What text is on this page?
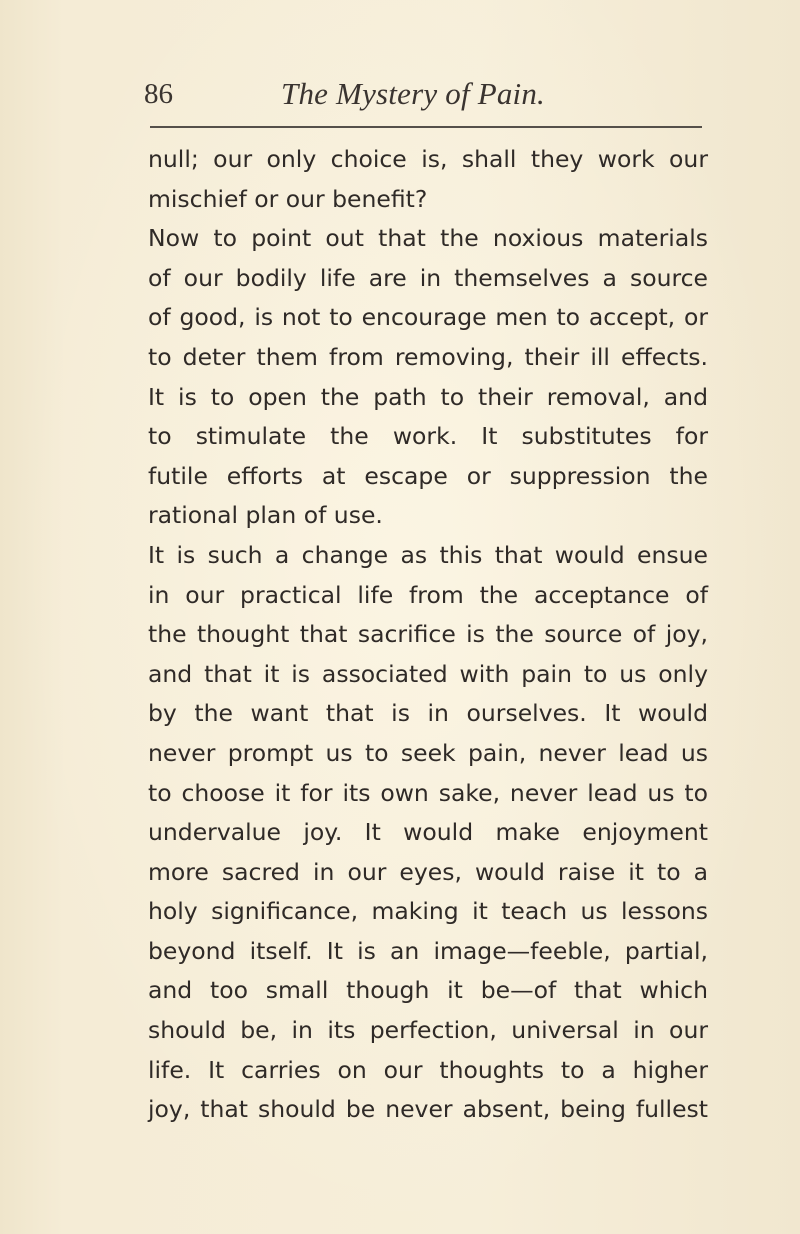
86	The Mystery of Pain.
null; our only choice is, shall they work our
mischief or our benefit?
Now to point out that the noxious materials
of our bodily life are in themselves a source
of good, is not to encourage men to accept, or
to deter them from removing, their ill effects.
It is to open the path to their removal, and
to stimulate the work. It substitutes for
futile efforts at escape or suppression the
rational plan of use.
It is such a change as this that would ensue
in our practical life from the acceptance of
the thought that sacrifice is the source of joy,
and that it is associated with pain to us only
by the want that is in ourselves. It would
never prompt us to seek pain, never lead us
to choose it for its own sake, never lead us to
undervalue joy. It would make enjoyment
more sacred in our eyes, would raise it to a
holy significance, making it teach us lessons
beyond itself. It is an image—feeble, partial,
and too small though it be—of that which
should be, in its perfection, universal in our
life. It carries on our thoughts to a higher
joy, that should be never absent, being fullest
